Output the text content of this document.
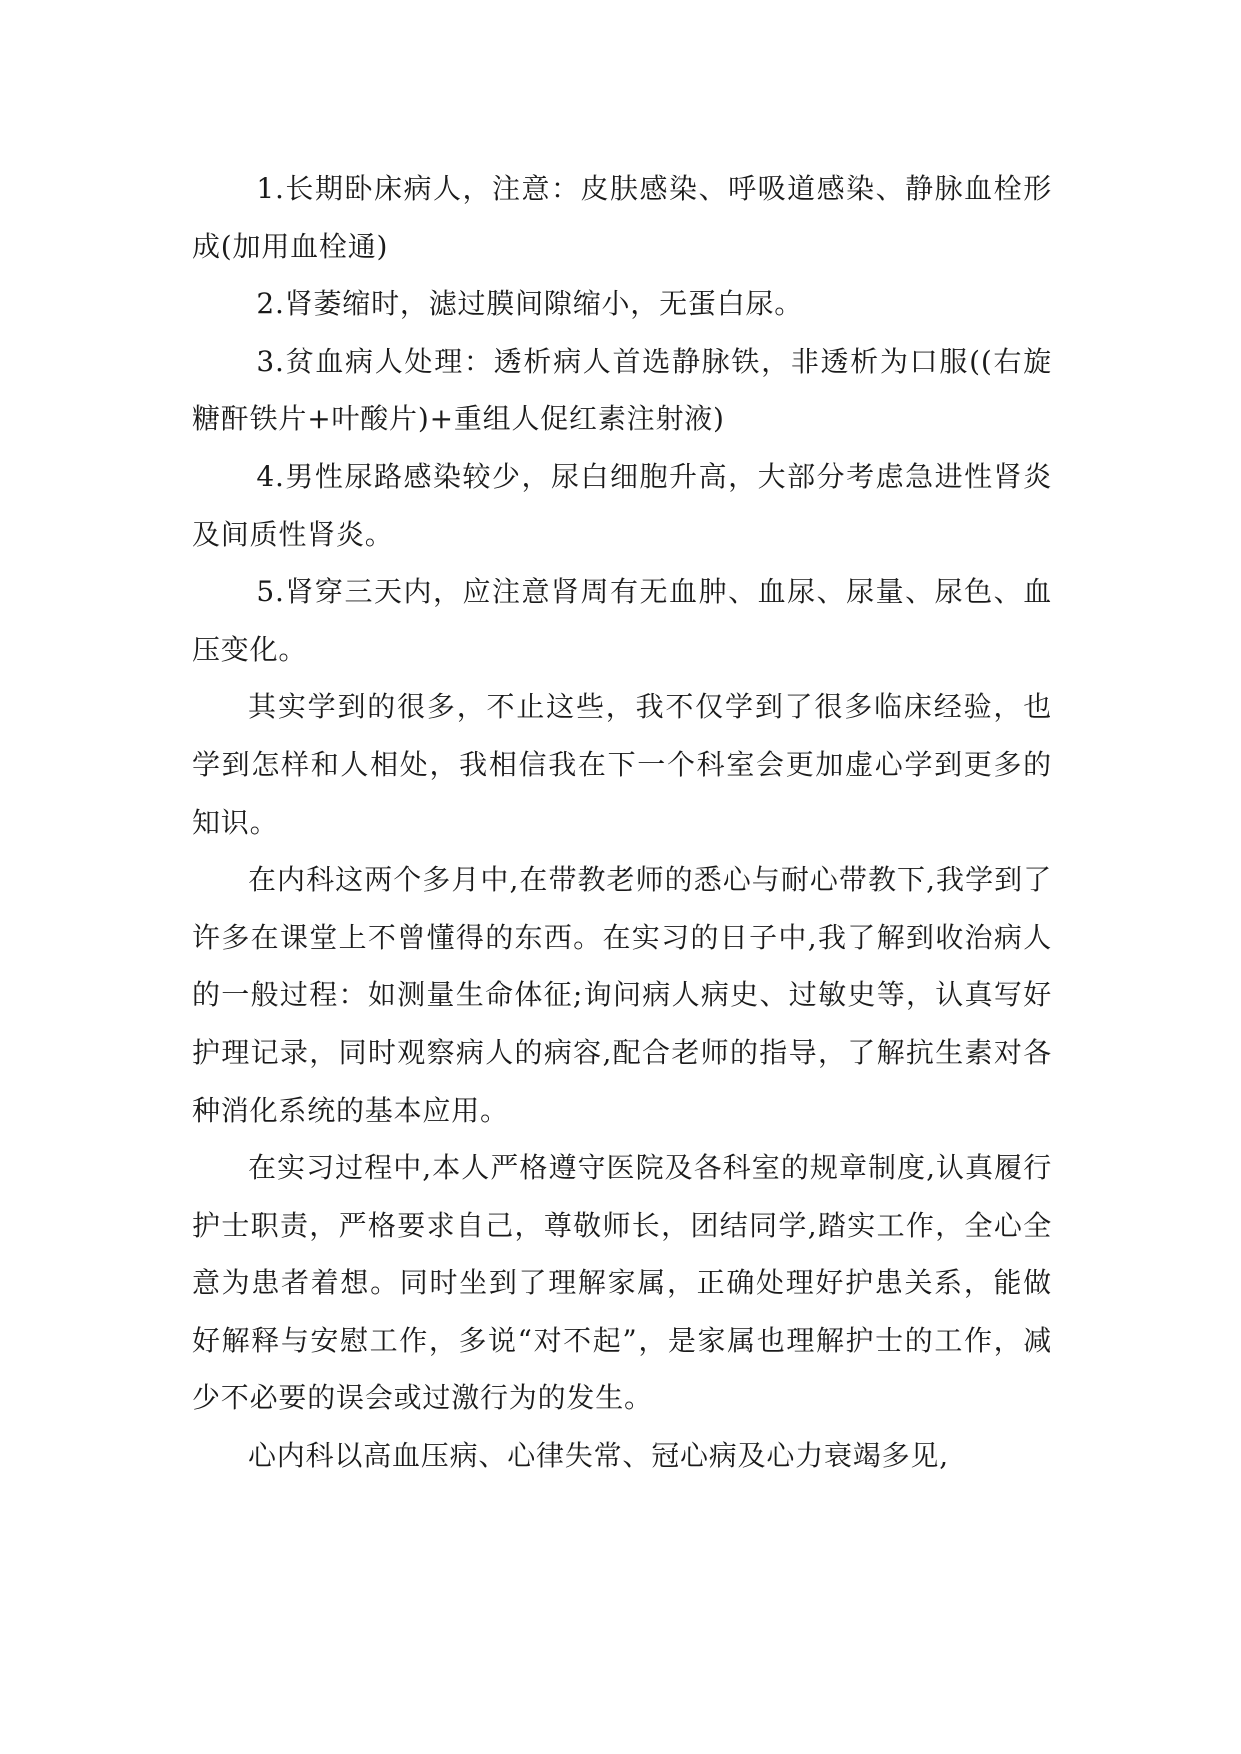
1.长期卧床病人，注意：皮肤感染、呼吸道感染、静脉血栓形成(加用血栓通)

2.肾萎缩时，滤过膜间隙缩小，无蛋白尿。

3.贫血病人处理：透析病人首选静脉铁，非透析为口服((右旋糖酐铁片+叶酸片)+重组人促红素注射液)

4.男性尿路感染较少，尿白细胞升高，大部分考虑急进性肾炎及间质性肾炎。

5.肾穿三天内，应注意肾周有无血肿、血尿、尿量、尿色、血压变化。

其实学到的很多，不止这些，我不仅学到了很多临床经验，也学到怎样和人相处，我相信我在下一个科室会更加虚心学到更多的知识。

在内科这两个多月中,在带教老师的悉心与耐心带教下,我学到了许多在课堂上不曾懂得的东西。在实习的日子中,我了解到收治病人的一般过程：如测量生命体征;询问病人病史、过敏史等，认真写好护理记录，同时观察病人的病容,配合老师的指导，了解抗生素对各种消化系统的基本应用。

在实习过程中,本人严格遵守医院及各科室的规章制度,认真履行护士职责，严格要求自己，尊敬师长，团结同学,踏实工作，全心全意为患者着想。同时坐到了理解家属，正确处理好护患关系，能做好解释与安慰工作，多说“对不起”，是家属也理解护士的工作，减少不必要的误会或过激行为的发生。

心内科以高血压病、心律失常、冠心病及心力衰竭多见,
